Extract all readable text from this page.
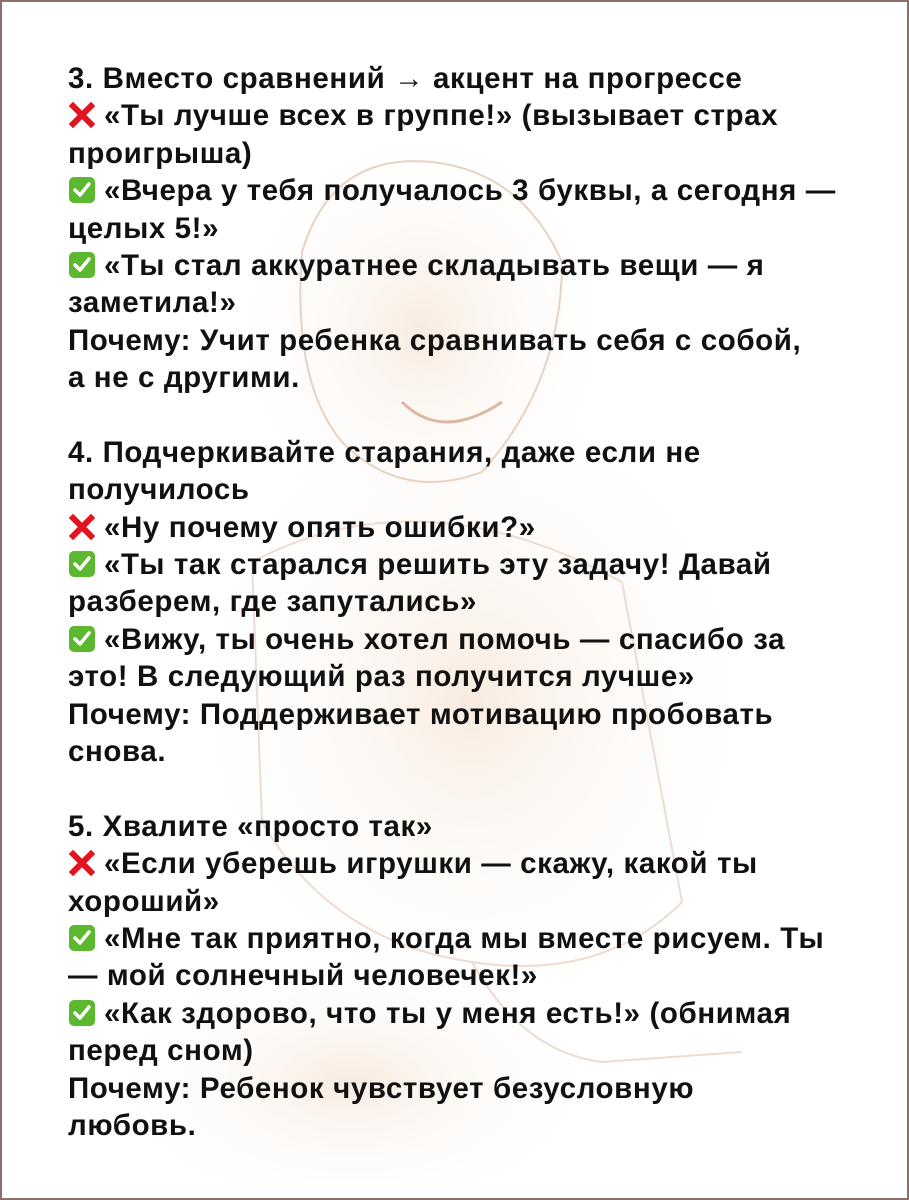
3. Вместо сравнений → акцент на прогрессе
«Ты лучше всех в группе!» (вызывает страх
проигрыша)
«Вчера у тебя получалось 3 буквы, а сегодня —
целых 5!»
«Ты стал аккуратнее складывать вещи — я
заметила!»
Почему: Учит ребенка сравнивать себя с собой,
а не с другими.
4. Подчеркивайте старания, даже если не
получилось
«Ну почему опять ошибки?»
«Ты так старался решить эту задачу! Давай
разберем, где запутались»
«Вижу, ты очень хотел помочь — спасибо за
это! В следующий раз получится лучше»
Почему: Поддерживает мотивацию пробовать
снова.
5. Хвалите «просто так»
«Если уберешь игрушки — скажу, какой ты
хороший»
«Мне так приятно, когда мы вместе рисуем. Ты
— мой солнечный человечек!»
«Как здорово, что ты у меня есть!» (обнимая
перед сном)
Почему: Ребенок чувствует безусловную
любовь.
